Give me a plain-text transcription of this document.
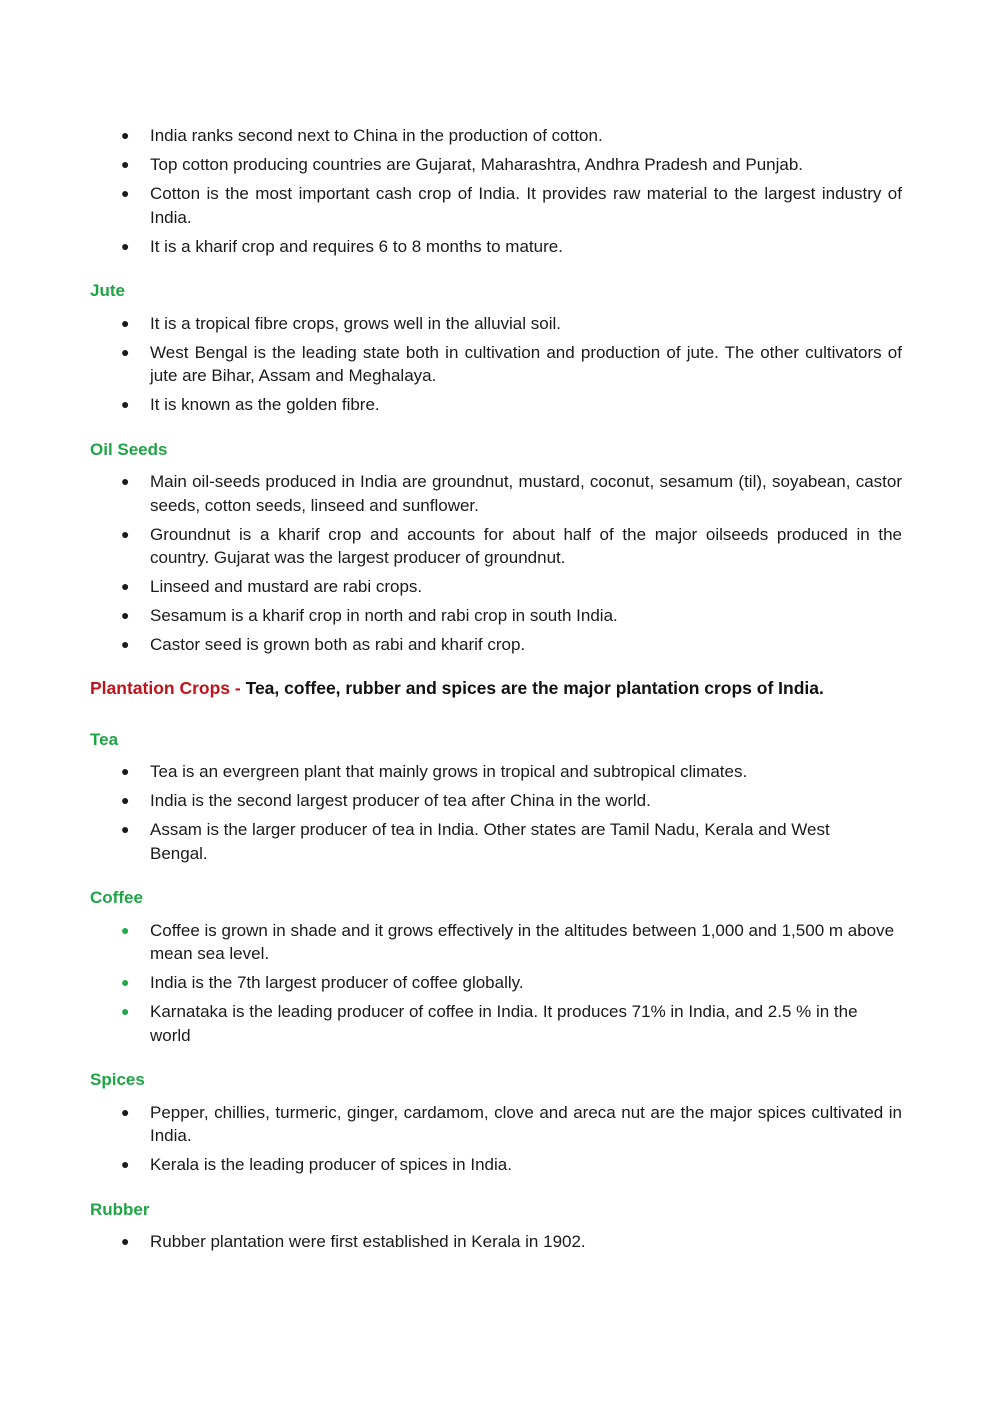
● India ranks second next to China in the production of cotton.
● Top cotton producing countries are Gujarat, Maharashtra, Andhra Pradesh and Punjab.
● Cotton is the most important cash crop of India. It provides raw material to the largest industry of India.
● It is a kharif crop and requires 6 to 8 months to mature.

Jute

● It is a tropical fibre crops, grows well in the alluvial soil.
● West Bengal is the leading state both in cultivation and production of jute. The other cultivators of jute are Bihar, Assam and Meghalaya.
● It is known as the golden fibre.

Oil Seeds

● Main oil-seeds produced in India are groundnut, mustard, coconut, sesamum (til), soyabean, castor seeds, cotton seeds, linseed and sunflower.
● Groundnut is a kharif crop and accounts for about half of the major oilseeds produced in the country. Gujarat was the largest producer of groundnut.
● Linseed and mustard are rabi crops.
● Sesamum is a kharif crop in north and rabi crop in south India.
● Castor seed is grown both as rabi and kharif crop.

Plantation Crops - Tea, coffee, rubber and spices are the major plantation crops of India.

Tea

● Tea is an evergreen plant that mainly grows in tropical and subtropical climates.
● India is the second largest producer of tea after China in the world.
● Assam is the larger producer of tea in India. Other states are Tamil Nadu, Kerala and West Bengal.

Coffee

● Coffee is grown in shade and it grows effectively in the altitudes between 1,000 and 1,500 m above mean sea level.
● India is the 7th largest producer of coffee globally.
● Karnataka is the leading producer of coffee in India. It produces 71% in India, and 2.5 % in the world

Spices

● Pepper, chillies, turmeric, ginger, cardamom, clove and areca nut are the major spices cultivated in India.
● Kerala is the leading producer of spices in India.

Rubber

● Rubber plantation were first established in Kerala in 1902.
